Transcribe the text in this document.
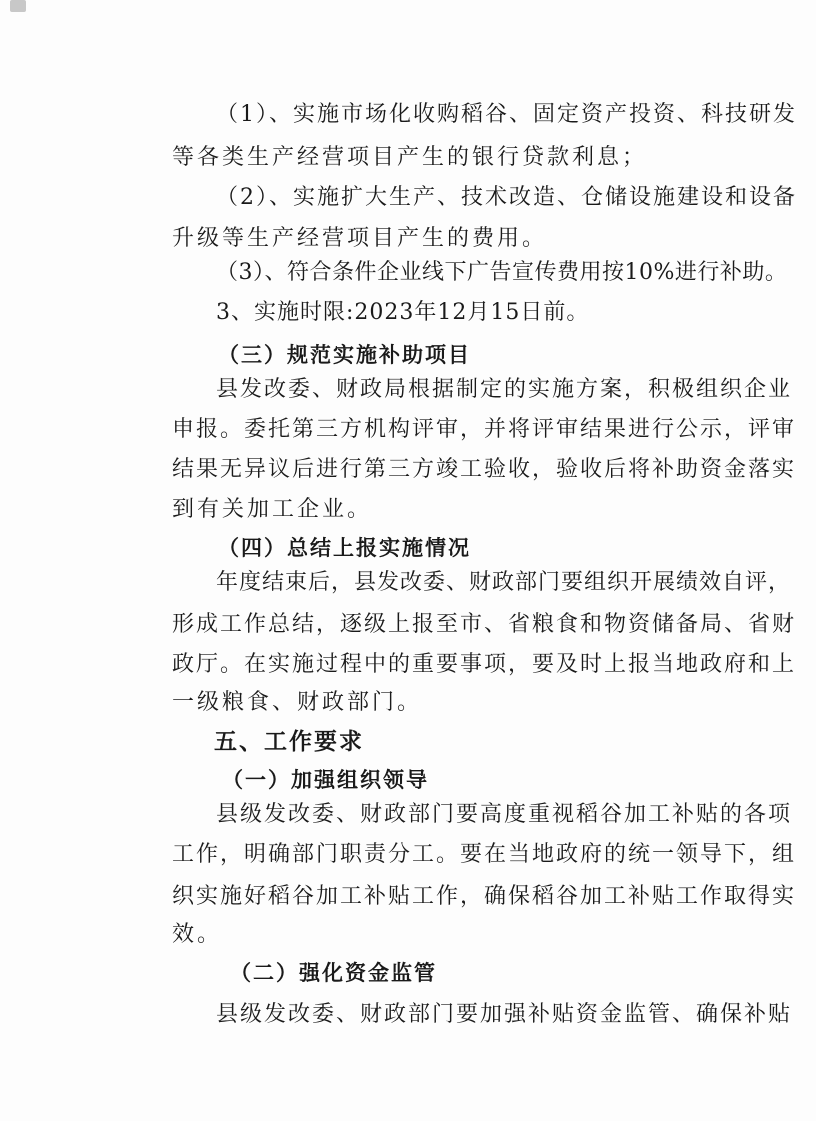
（1）、实施市场化收购稻谷、固定资产投资、科技研发
等各类生产经营项目产生的银行贷款利息；
（2）、实施扩大生产、技术改造、仓储设施建设和设备
升级等生产经营项目产生的费用。
（3）、符合条件企业线下广告宣传费用按10%进行补助。
3、实施时限:2023年12月15日前。
（三）规范实施补助项目
县发改委、财政局根据制定的实施方案，积极组织企业
申报。委托第三方机构评审，并将评审结果进行公示，评审
结果无异议后进行第三方竣工验收，验收后将补助资金落实
到有关加工企业。
（四）总结上报实施情况
年度结束后，县发改委、财政部门要组织开展绩效自评，
形成工作总结，逐级上报至市、省粮食和物资储备局、省财
政厅。在实施过程中的重要事项，要及时上报当地政府和上
一级粮食、财政部门。
五、工作要求
（一）加强组织领导
县级发改委、财政部门要高度重视稻谷加工补贴的各项
工作，明确部门职责分工。要在当地政府的统一领导下，组
织实施好稻谷加工补贴工作，确保稻谷加工补贴工作取得实
效。
（二）强化资金监管
县级发改委、财政部门要加强补贴资金监管、确保补贴
